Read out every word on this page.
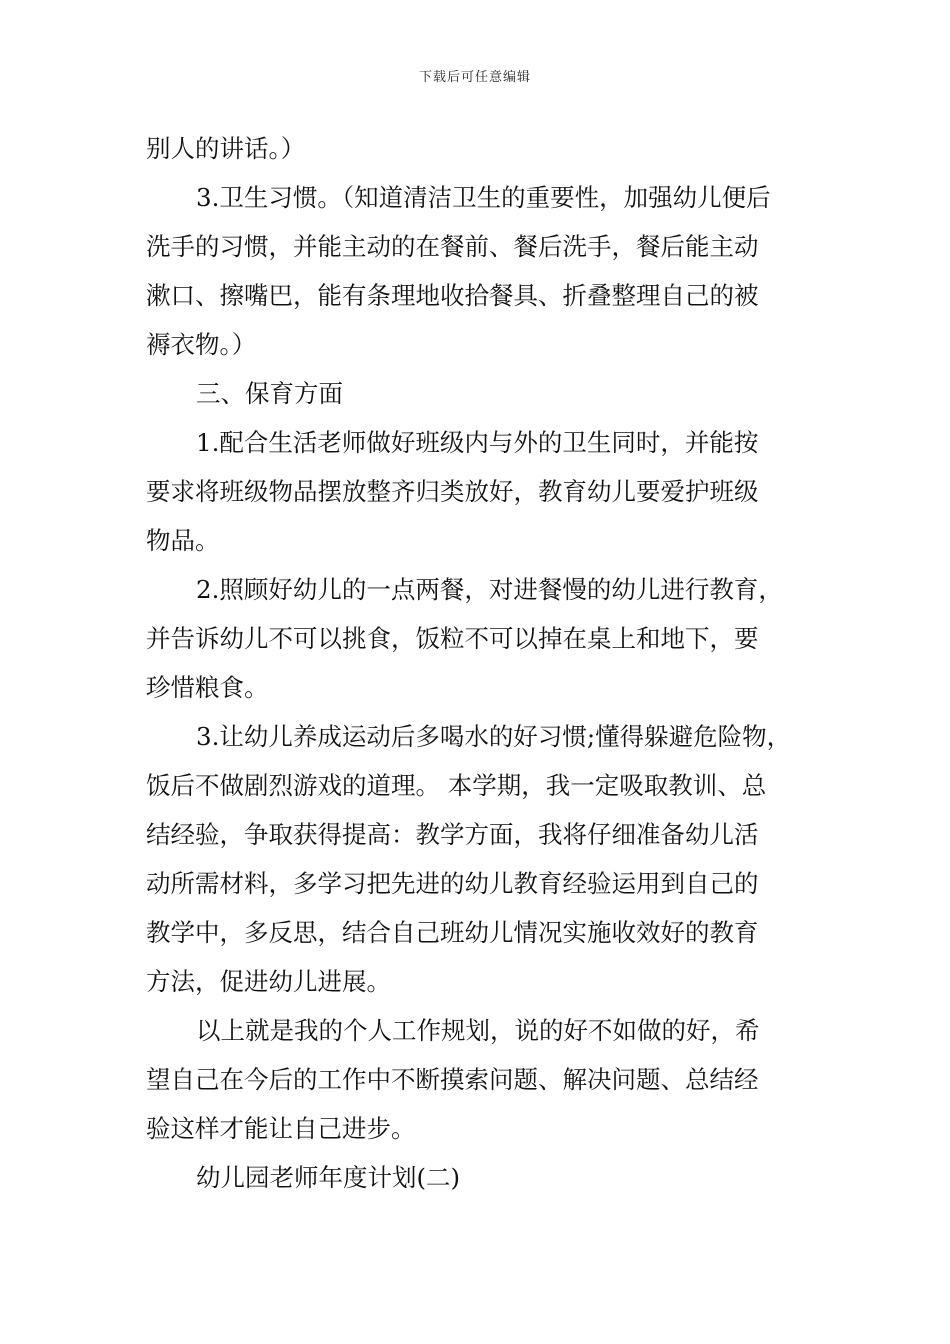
下载后可任意编辑
别人的讲话。）
3.卫生习惯。（知道清洁卫生的重要性，加强幼儿便后
洗手的习惯，并能主动的在餐前、餐后洗手，餐后能主动
漱口、擦嘴巴，能有条理地收拾餐具、折叠整理自己的被
褥衣物。）
三、保育方面
1.配合生活老师做好班级内与外的卫生同时，并能按
要求将班级物品摆放整齐归类放好，教育幼儿要爱护班级
物品。
2.照顾好幼儿的一点两餐，对进餐慢的幼儿进行教育，
并告诉幼儿不可以挑食，饭粒不可以掉在桌上和地下，要
珍惜粮食。
3.让幼儿养成运动后多喝水的好习惯;懂得躲避危险物，
饭后不做剧烈游戏的道理。 本学期，我一定吸取教训、总
结经验，争取获得提高：教学方面，我将仔细准备幼儿活
动所需材料，多学习把先进的幼儿教育经验运用到自己的
教学中，多反思，结合自己班幼儿情况实施收效好的教育
方法，促进幼儿进展。
以上就是我的个人工作规划，说的好不如做的好，希
望自己在今后的工作中不断摸索问题、解决问题、总结经
验这样才能让自己进步。
幼儿园老师年度计划(二)
